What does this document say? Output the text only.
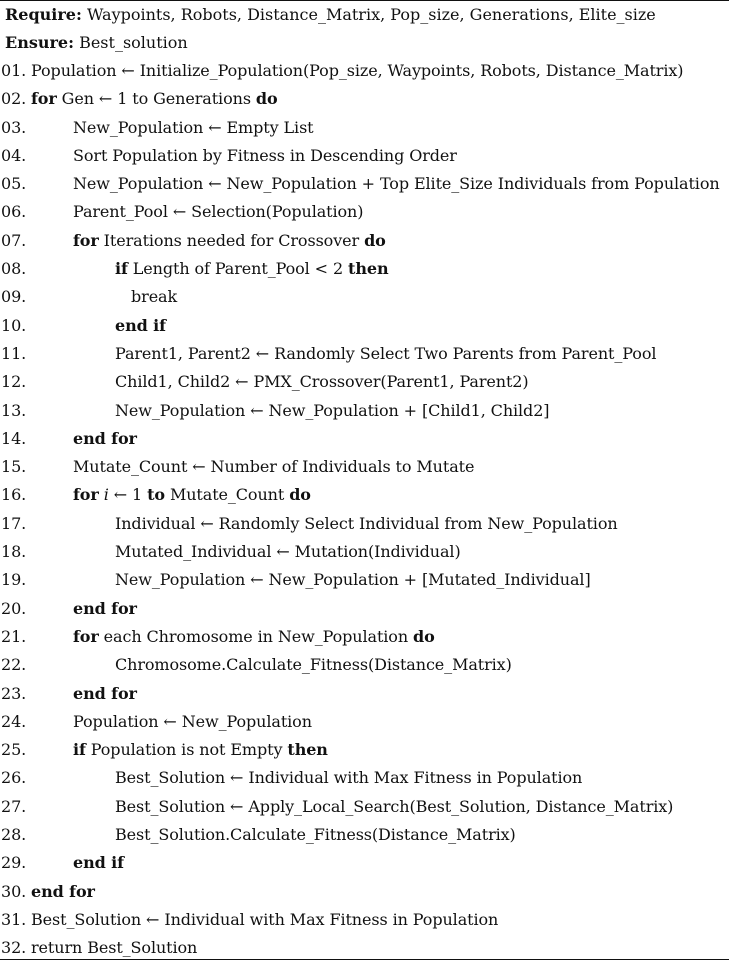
Require: Waypoints, Robots, Distance_Matrix, Pop_size, Generations, Elite_size
Ensure: Best_solution
01. Population ← Initialize_Population(Pop_size, Waypoints, Robots, Distance_Matrix)
02. for Gen ← 1 to Generations do
03.	New_Population ← Empty List
04.	Sort Population by Fitness in Descending Order
05.	New_Population ← New_Population + Top Elite_Size Individuals from Population
06.	Parent_Pool ← Selection(Population)
07.	for Iterations needed for Crossover do
08.	if Length of Parent_Pool < 2 then
09.	break
10.	end if
11.	Parent1, Parent2 ← Randomly Select Two Parents from Parent_Pool
12.	Child1, Child2 ← PMX_Crossover(Parent1, Parent2)
13.	New_Population ← New_Population + [Child1, Child2]
14.	end for
15.	Mutate_Count ← Number of Individuals to Mutate
16.	for i ← 1 to Mutate_Count do
17.	Individual ← Randomly Select Individual from New_Population
18.	Mutated_Individual ← Mutation(Individual)
19.	New_Population ← New_Population + [Mutated_Individual]
20.	end for
21.	for each Chromosome in New_Population do
22.	Chromosome.Calculate_Fitness(Distance_Matrix)
23.	end for
24.	Population ← New_Population
25.	if Population is not Empty then
26.	Best_Solution ← Individual with Max Fitness in Population
27.	Best_Solution ← Apply_Local_Search(Best_Solution, Distance_Matrix)
28.	Best_Solution.Calculate_Fitness(Distance_Matrix)
29.	end if
30. end for
31. Best_Solution ← Individual with Max Fitness in Population
32. return Best_Solution
